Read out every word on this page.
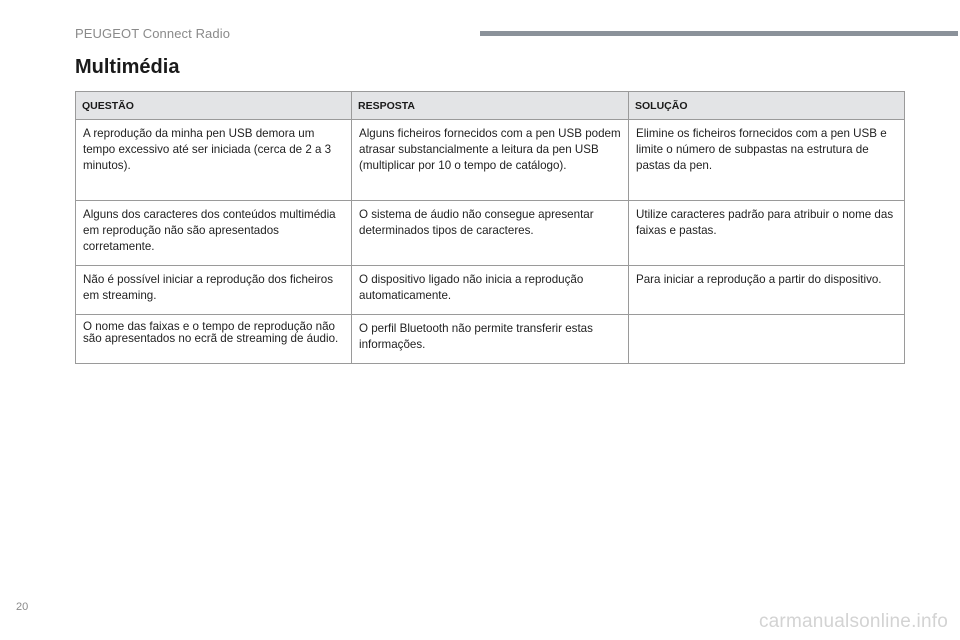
PEUGEOT Connect Radio
Multimédia
QUESTÃO	RESPOSTA	SOLUÇÃO
A reprodução da minha pen USB demora um tempo excessivo até ser iniciada (cerca de 2 a 3 minutos).	Alguns ficheiros fornecidos com a pen USB podem atrasar substancialmente a leitura da pen USB (multiplicar por 10 o tempo de catálogo).	Elimine os ficheiros fornecidos com a pen USB e limite o número de subpastas na estrutura de pastas da pen.
Alguns dos caracteres dos conteúdos multimédia em reprodução não são apresentados corretamente.	O sistema de áudio não consegue apresentar determinados tipos de caracteres.	Utilize caracteres padrão para atribuir o nome das faixas e pastas.
Não é possível iniciar a reprodução dos ficheiros em streaming.	O dispositivo ligado não inicia a reprodução automaticamente.	Para iniciar a reprodução a partir do dispositivo.
O nome das faixas e o tempo de reprodução não são apresentados no ecrã de streaming de áudio.	O perfil Bluetooth não permite transferir estas informações.	
20
carmanualsonline.info
